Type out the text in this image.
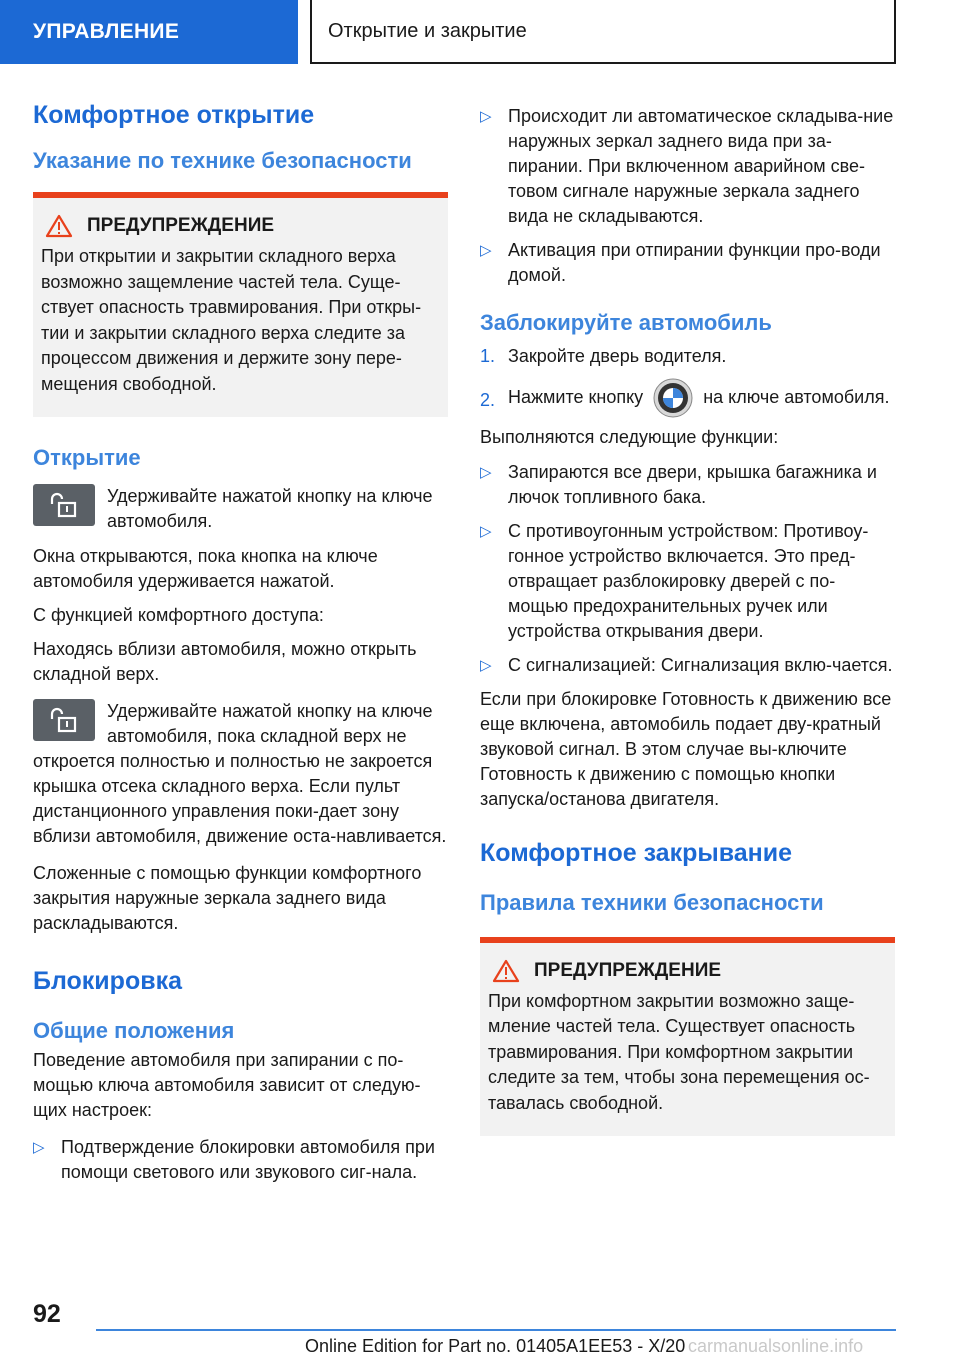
УПРАВЛЕНИЕ	Открытие и закрытие
Комфортное открытие
Указание по технике безопасности
ПРЕДУПРЕЖДЕНИЕ

При открытии и закрытии складного верха возможно защемление частей тела. Суще-ствует опасность травмирования. При откры-тии и закрытии складного верха следите за процессом движения и держите зону пере-мещения свободной.

Открытие

Удерживайте нажатой кнопку на ключе автомобиля.

Окна открываются, пока кнопка на ключе автомобиля удерживается нажатой.

С функцией комфортного доступа:

Находясь вблизи автомобиля, можно открыть складной верх.

Удерживайте нажатой кнопку на ключе автомобиля, пока складной верх не откроется полностью и полностью не закроется крышка отсека складного верха. Если пульт дистанционного управления поки-дает зону вблизи автомобиля, движение оста-навливается.

Сложенные с помощью функции комфортного закрытия наружные зеркала заднего вида раскладываются.

Блокировка
Общие положения

Поведение автомобиля при запирании с по-мощью ключа автомобиля зависит от следую-щих настроек:

▷ Подтверждение блокировки автомобиля при помощи светового или звукового сиг-нала.
▷ Происходит ли автоматическое складыва-ние наружных зеркал заднего вида при за-пирании. При включенном аварийном све-товом сигнале наружные зеркала заднего вида не складываются.
▷ Активация при отпирании функции про-води домой.
Заблокируйте автомобиль
1. Закройте дверь водителя.
2. Нажмите кнопку	на ключе автомобиля.

Выполняются следующие функции:

▷ Запираются все двери, крышка багажника и лючок топливного бака.
▷ С противоугонным устройством: Противоу-гонное устройство включается. Это пред-отвращает разблокировку дверей с по-мощью предохранительных ручек или устройства открывания двери.
▷ С сигнализацией: Сигнализация вклю-чается.

Если при блокировке Готовность к движению все еще включена, автомобиль подает дву-кратный звуковой сигнал. В этом случае вы-ключите Готовность к движению с помощью кнопки запуска/останова двигателя.

Комфортное закрывание
Правила техники безопасности
ПРЕДУПРЕЖДЕНИЕ

При комфортном закрытии возможно заще-мление частей тела. Существует опасность травмирования. При комфортном закрытии следите за тем, чтобы зона перемещения ос-тавалась свободной.

92
Online Edition for Part no. 01405A1EE53 - X/20 carmanualsonline.info
